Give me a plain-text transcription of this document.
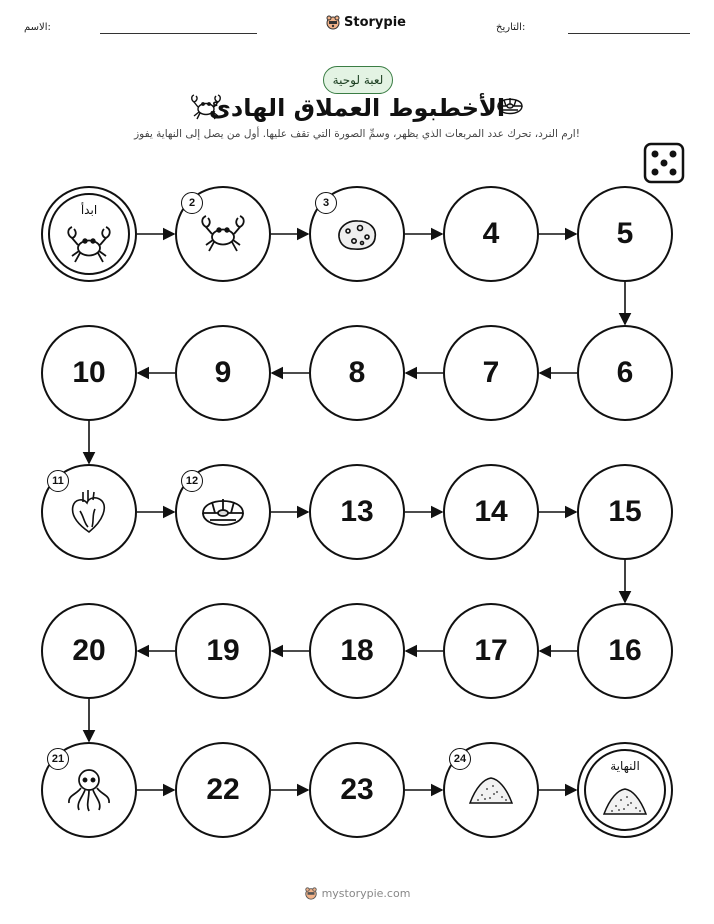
الاسم:	Storypie	التاريخ:
لعبة لوحية
الأخطبوط العملاق الهادئ
ارم النرد، تحرك عدد المربعات الذي يظهر، وسمِّ الصورة التي تقف عليها. أول من يصل إلى النهاية يفوز!
ابدأ	2	3
4	5
6
7
8
9
10
11	12
13	14	15
16
17
18
19
20
21
22	23
24	النهاية
mystorypie.com
